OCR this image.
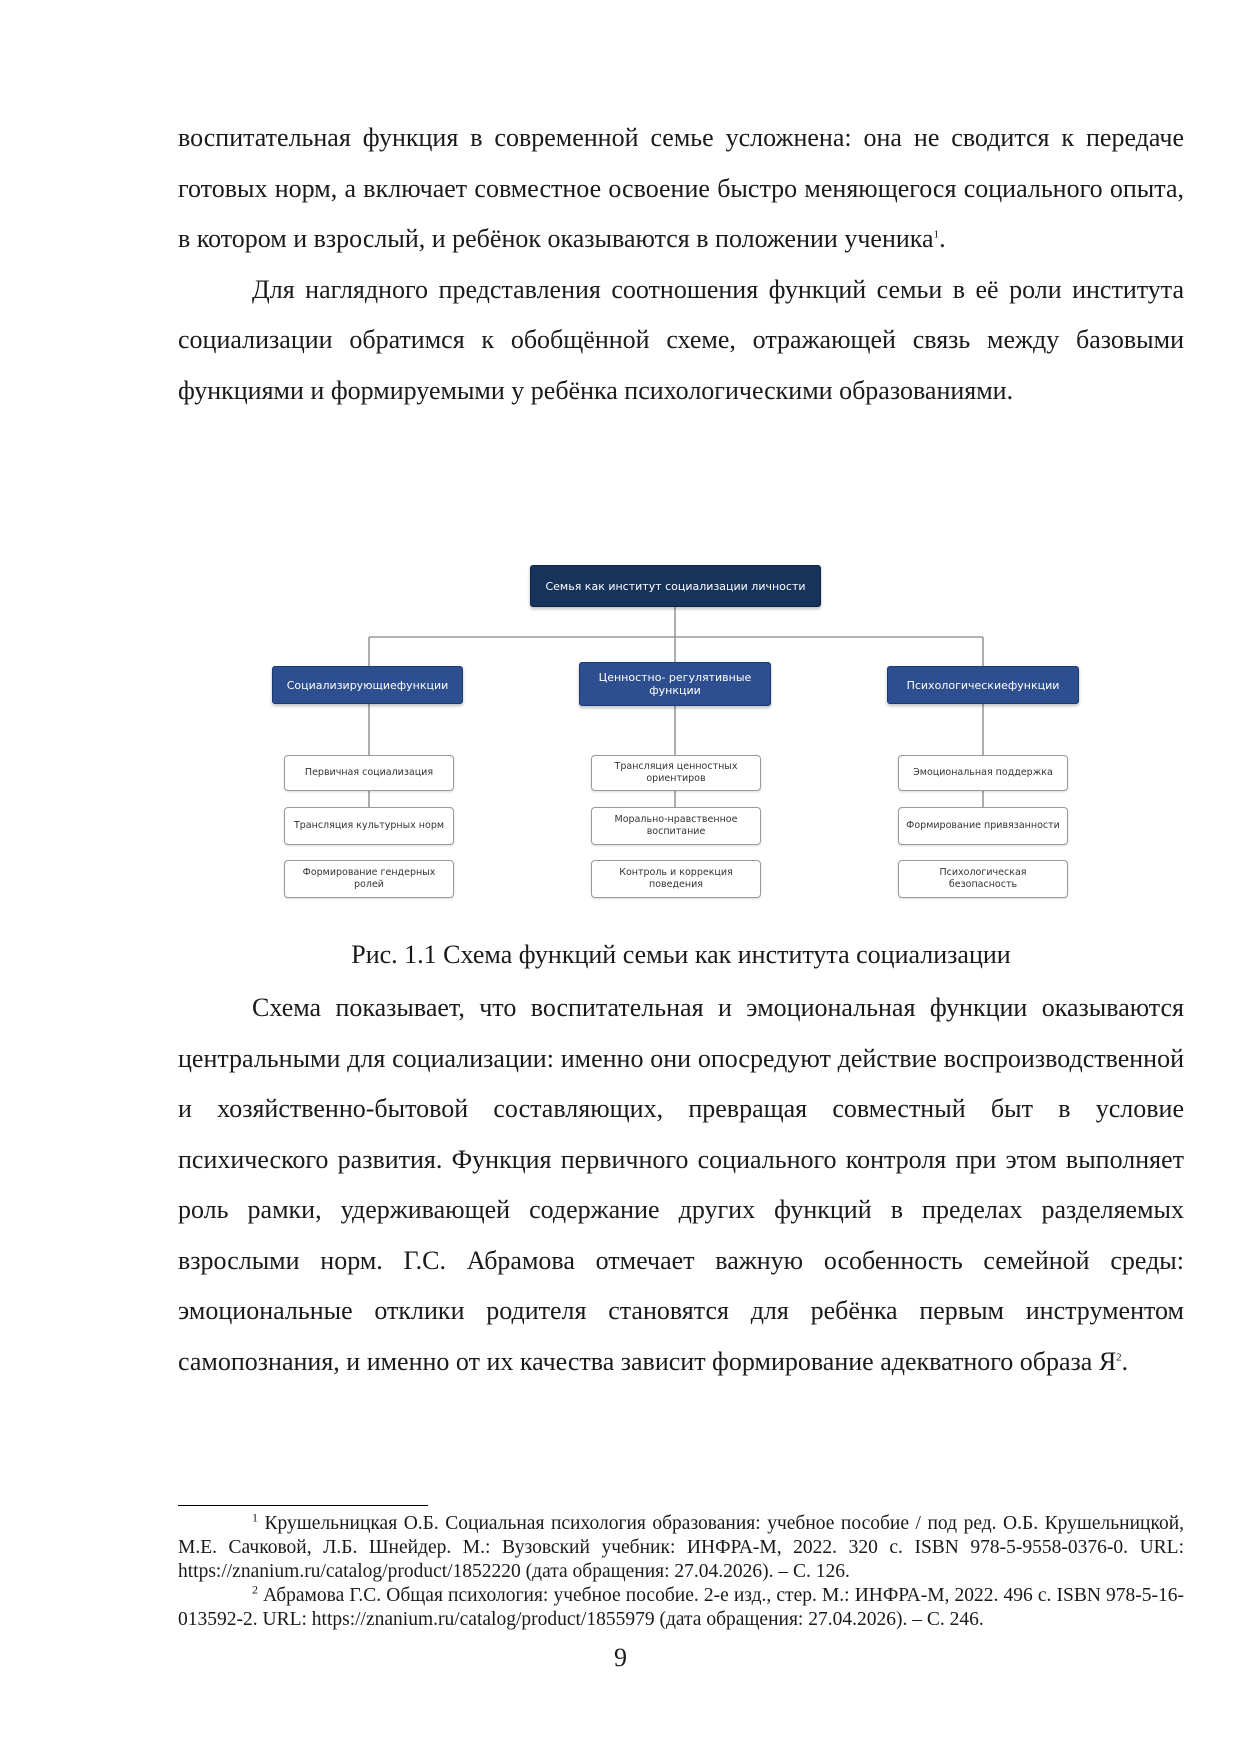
воспитательная функция в современной семье усложнена: она не сводится к передаче готовых норм, а включает совместное освоение быстро меняющегося социального опыта, в котором и взрослый, и ребёнок оказываются в положении ученика$^1$.

Для наглядного представления соотношения функций семьи в её роли института социализации обратимся к обобщённой схеме, отражающей связь между базовыми функциями и формируемыми у ребёнка психологическими образованиями.

Семья как институт социализации личности
Социализирующиефункции
Ценностно- регулятивные функции	Психологическиефункции
Первичная социализация
Трансляция культурных норм
Формирование гендерных ролей
Трансляция ценностных ориентиров
Морально-нравственное воспитание
Контроль и коррекция поведения
Эмоциональная поддержка
Формирование привязанности
Психологическая безопасность
Рис. 1.1 Схема функций семьи как института социализации

Схема показывает, что воспитательная и эмоциональная функции оказываются центральными для социализации: именно они опосредуют действие воспроизводственной и хозяйственно-бытовой составляющих, превращая совместный быт в условие психического развития. Функция первичного социального контроля при этом выполняет роль рамки, удерживающей содержание других функций в пределах разделяемых взрослыми норм. Г.С. Абрамова отмечает важную особенность семейной среды: эмоциональные отклики родителя становятся для ребёнка первым инструментом самопознания, и именно от их качества зависит формирование адекватного образа Я$^2$.

$^1$ Крушельницкая О.Б. Социальная психология образования: учебное пособие / под ред. О.Б. Крушельницкой, М.Е. Сачковой, Л.Б. Шнейдер. М.: Вузовский учебник: ИНФРА-М, 2022. 320 с. ISBN 978-5-9558-0376-0. URL: https://znanium.ru/catalog/product/1852220 (дата обращения: 27.04.2026). – С. 126.

$^2$ Абрамова Г.С. Общая психология: учебное пособие. 2-е изд., стер. М.: ИНФРА-М, 2022. 496 с. ISBN 978-5-16-013592-2. URL: https://znanium.ru/catalog/product/1855979 (дата обращения: 27.04.2026). – С. 246.

9
